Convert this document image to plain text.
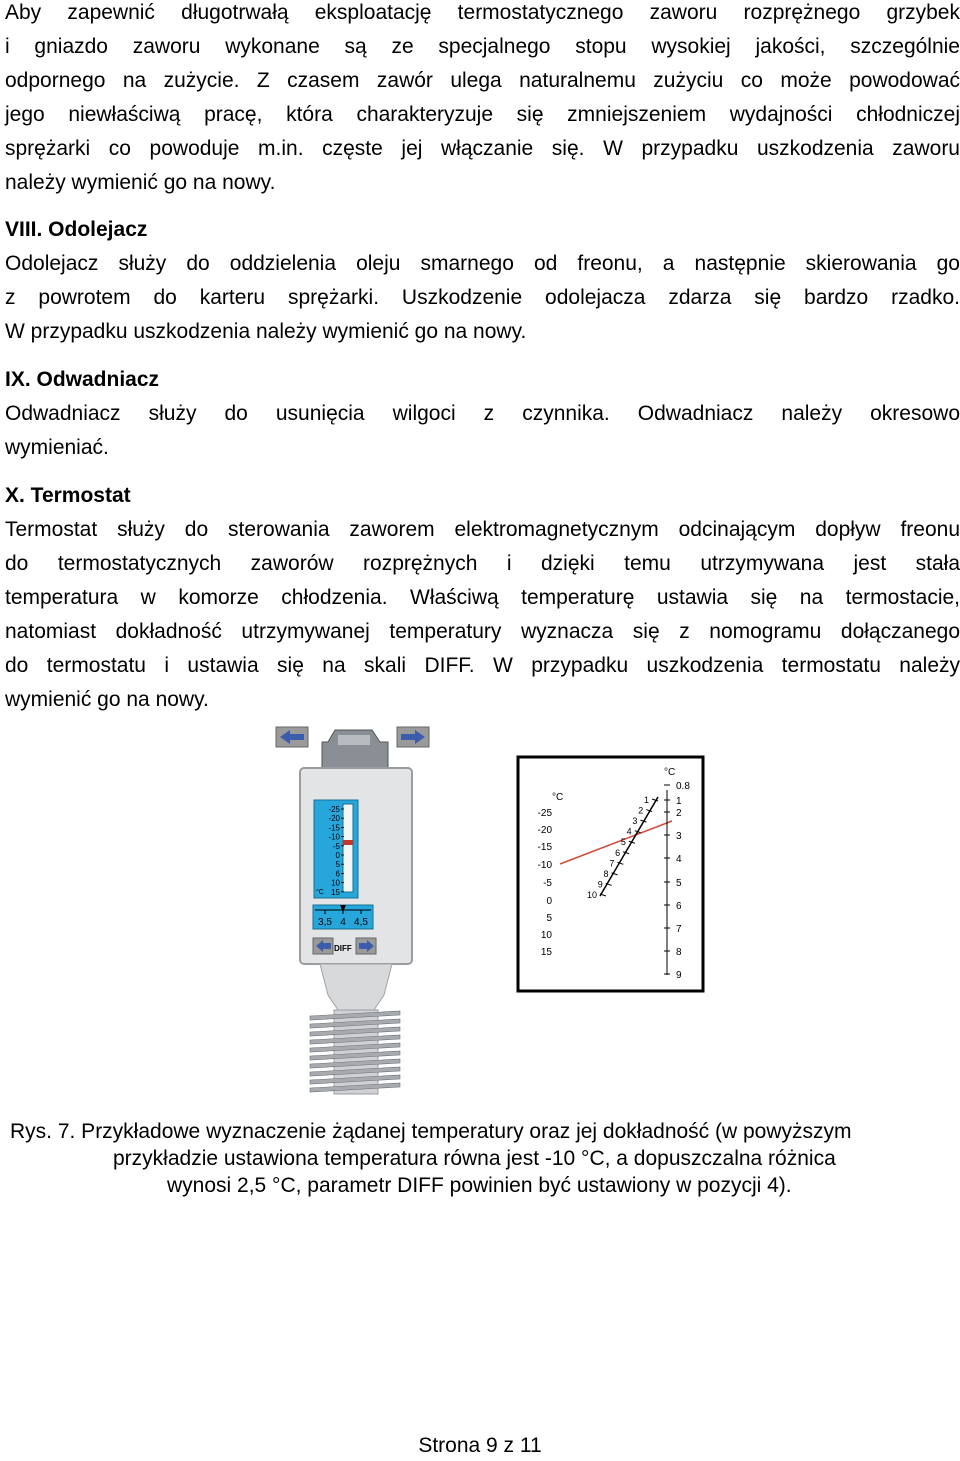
Aby zapewnić długotrwałą eksploatację termostatycznego zaworu rozprężnego grzybek
i gniazdo zaworu wykonane są ze specjalnego stopu wysokiej jakości, szczególnie
odpornego na zużycie. Z czasem zawór ulega naturalnemu zużyciu co może powodować
jego niewłaściwą pracę, która charakteryzuje się zmniejszeniem wydajności chłodniczej
sprężarki co powoduje m.in. częste jej włączanie się. W przypadku uszkodzenia zaworu
należy wymienić go na nowy.
VIII. Odolejacz
Odolejacz służy do oddzielenia oleju smarnego od freonu, a następnie skierowania go
z powrotem do karteru sprężarki. Uszkodzenie odolejacza zdarza się bardzo rzadko.
W przypadku uszkodzenia należy wymienić go na nowy.
IX. Odwadniacz
Odwadniacz służy do usunięcia wilgoci z czynnika. Odwadniacz należy okresowo
wymieniać.
X. Termostat
Termostat służy do sterowania zaworem elektromagnetycznym odcinającym dopływ freonu
do termostatycznych zaworów rozprężnych i dzięki temu utrzymywana jest stała
temperatura w komorze chłodzenia. Właściwą temperaturę ustawia się na termostacie,
natomiast dokładność utrzymywanej temperatury wyznacza się z nomogramu dołączanego
do termostatu i ustawia się na skali DIFF. W przypadku uszkodzenia termostatu należy
wymienić go na nowy.
-25
-20
-15
-10
-5
0
5
6
10
15
°C
3,5 4 4,5
DIFF
°C
°C
-25
-20
-15
-10
-5
0
5
10
15
0.8
1
2
3
4
5
6
7
8
9
1
2
3
4
5
6
7
8
9
10
Rys. 7. Przykładowe wyznaczenie żądanej temperatury oraz jej dokładność (w powyższym
przykładzie ustawiona temperatura równa jest -10 °C, a dopuszczalna różnica
wynosi 2,5 °C, parametr DIFF powinien być ustawiony w pozycji 4).
Strona 9 z 11
